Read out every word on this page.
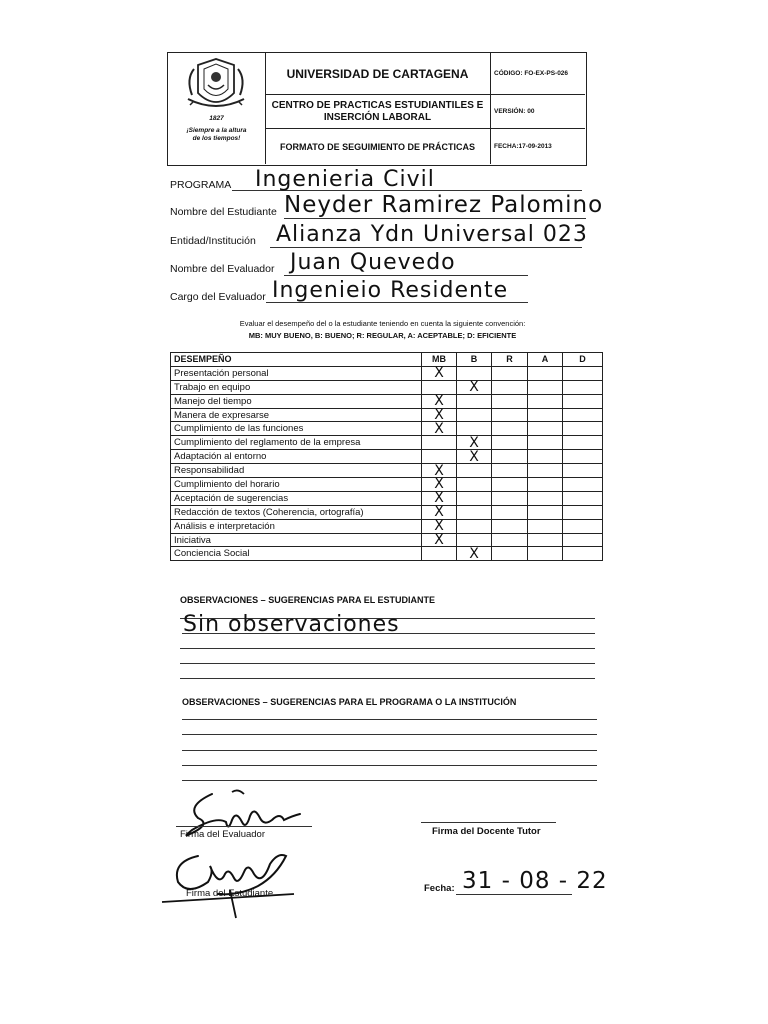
1827
¡Siempre a la altura
de los tiempos!
UNIVERSIDAD DE CARTAGENA
CENTRO DE PRACTICAS ESTUDIANTILES E
INSERCIÓN LABORAL
FORMATO DE SEGUIMIENTO DE PRÁCTICAS
CÓDIGO: FO-EX-PS-026
VERSIÓN: 00
FECHA:17-09-2013
PROGRAMA Ingenieria Civil
Nombre del Estudiante Neyder Ramirez Palomino
Entidad/Institución Alianza Ydn Universal 023
Nombre del Evaluador Juan Quevedo
Cargo del Evaluador Ingenieio Residente
Evaluar el desempeño del o la estudiante teniendo en cuenta la siguiente convención:
MB: MUY BUENO, B: BUENO; R: REGULAR, A: ACEPTABLE; D: EFICIENTE
DESEMPEÑO	MB	B	R	A	D
Presentación personal	X				
Trabajo en equipo		X			
Manejo del tiempo	X				
Manera de expresarse	X				
Cumplimiento de las funciones	X				
Cumplimiento del reglamento de la empresa		X			
Adaptación al entorno		X			
Responsabilidad	X				
Cumplimiento del horario	X				
Aceptación de sugerencias	X				
Redacción de textos (Coherencia, ortografía)	X				
Análisis e interpretación	X				
Iniciativa	X				
Conciencia Social		X			
OBSERVACIONES – SUGERENCIAS PARA EL ESTUDIANTE
Sin observaciones
OBSERVACIONES – SUGERENCIAS PARA EL PROGRAMA O LA INSTITUCIÓN
Firma del Evaluador	Firma del Docente Tutor
Firma del Estudiante	Fecha: 31 - 08 - 22
